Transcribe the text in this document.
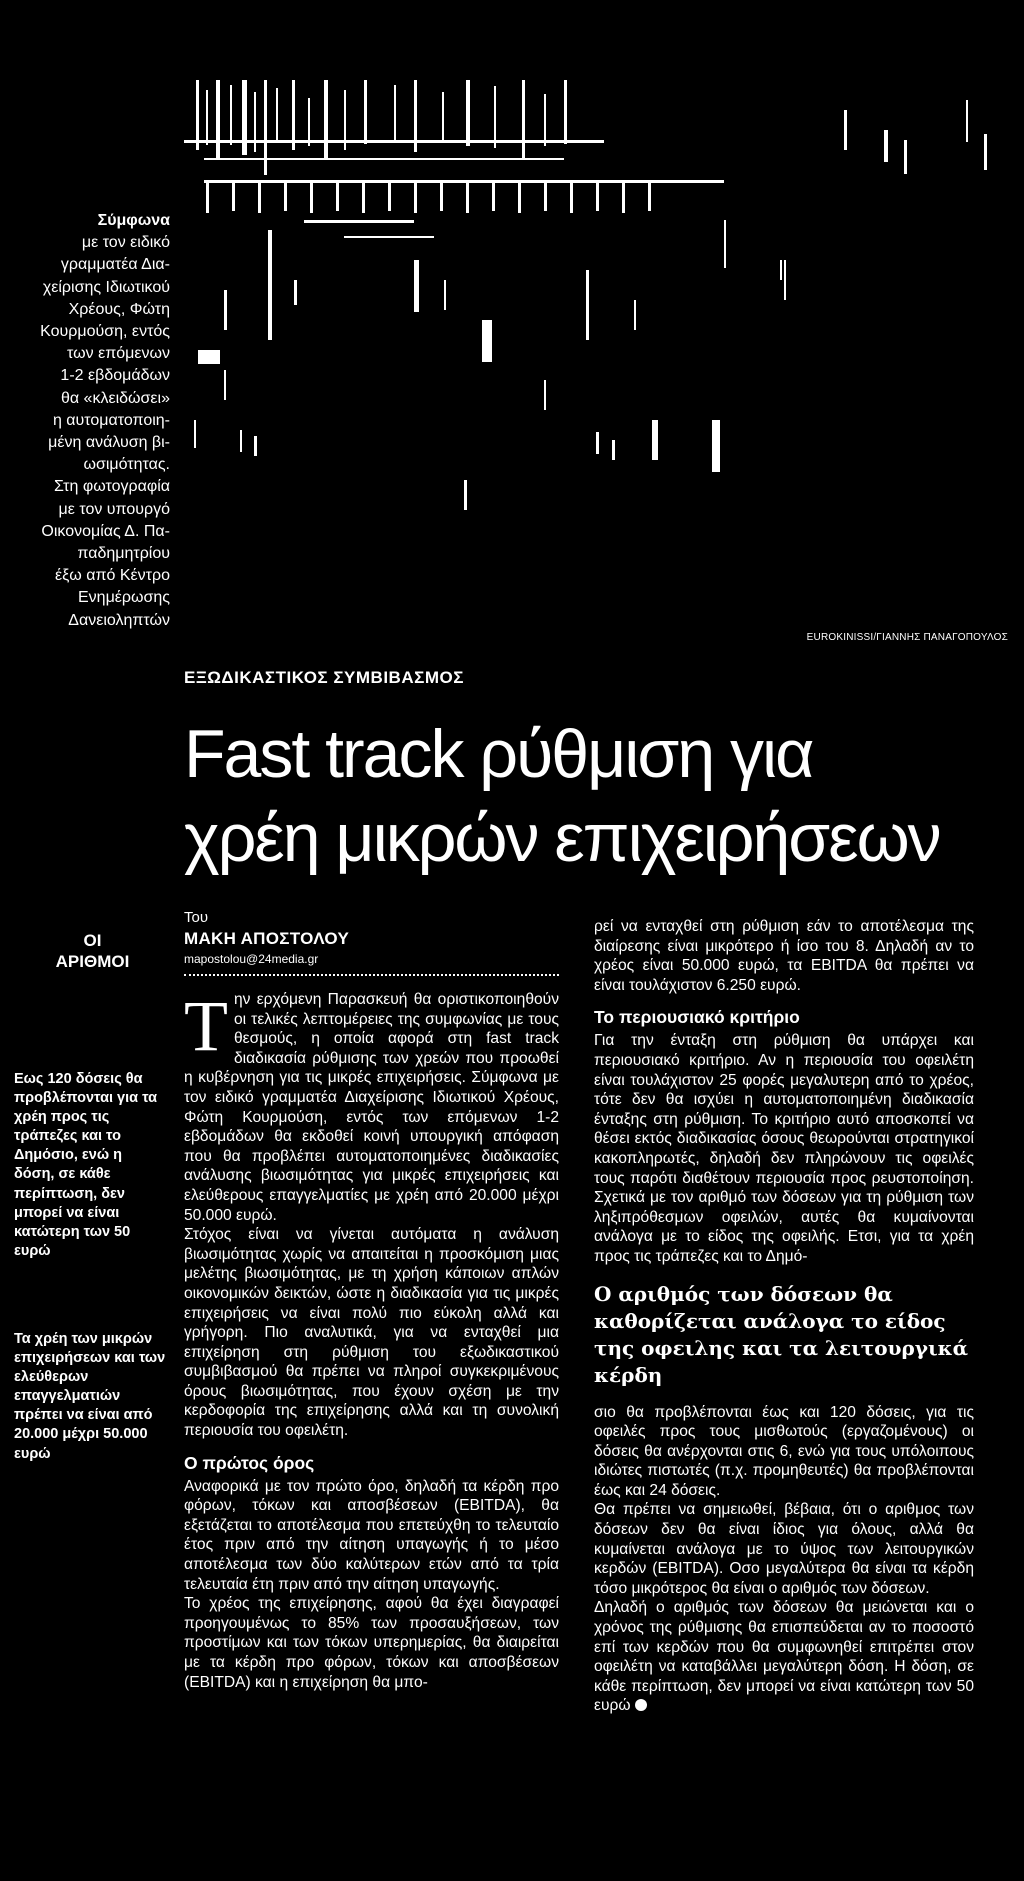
Σύμφωνα
με τον ειδικό
γραμματέα Δια-
χείρισης Ιδιωτικού
Χρέους, Φώτη
Κουρμούση, εντός
των επόμενων
1-2 εβδομάδων
θα «κλειδώσει»
η αυτοματοποιη-
μένη ανάλυση βι-
ωσιμότητας.
Στη φωτογραφία
με τον υπουργό
Οικονομίας Δ. Πα-
παδημητρίου
έξω από Κέντρο
Ενημέρωσης
Δανειοληπτών
EUROKINISSI/ΓΙΑΝΝΗΣ ΠΑΝΑΓΟΠΟΥΛΟΣ
ΕΞΩΔΙΚΑΣΤΙΚΟΣ ΣΥΜΒΙΒΑΣΜΟΣ
Fast track ρύθμιση για
χρέη μικρών επιχειρήσεων
ΟΙ
ΑΡΙΘΜΟΙ
Εως 120 δόσεις θα προβλέπονται για τα χρέη προς τις τράπεζες και το Δημόσιο, ενώ η δόση, σε κάθε περίπτωση, δεν μπορεί να είναι κατώτερη των 50 ευρώ
Τα χρέη των μικρών επιχειρήσεων και των ελεύθερων επαγγελματιών πρέπει να είναι από 20.000 μέχρι 50.000 ευρώ
Του
ΜΑΚΗ ΑΠΟΣΤΟΛΟΥ
mapostolou@24media.gr

Την ερχόμενη Παρασκευή θα οριστικοποιηθούν οι τελικές λεπτομέρειες της συμφωνίας με τους θεσμούς, η οποία αφορά στη fast track διαδικασία ρύθμισης των χρεών που προωθεί η κυβέρνηση για τις μικρές επιχειρήσεις. Σύμφωνα με τον ειδικό γραμματέα Διαχείρισης Ιδιωτικού Χρέους, Φώτη Κουρμούση, εντός των επόμενων 1-2 εβδομάδων θα εκδοθεί κοινή υπουργική απόφαση που θα προβλέπει αυτοματοποιημένες διαδικασίες ανάλυσης βιωσιμότητας για μικρές επιχειρήσεις και ελεύθερους επαγγελματίες με χρέη από 20.000 μέχρι 50.000 ευρώ.

Στόχος είναι να γίνεται αυτόματα η ανάλυση βιωσιμότητας χωρίς να απαιτείται η προσκόμιση μιας μελέτης βιωσιμότητας, με τη χρήση κάποιων απλών οικονομικών δεικτών, ώστε η διαδικασία για τις μικρές επιχειρήσεις να είναι πολύ πιο εύκολη αλλά και γρήγορη. Πιο αναλυτικά, για να ενταχθεί μια επιχείρηση στη ρύθμιση του εξωδικαστικού συμβιβασμού θα πρέπει να πληροί συγκεκριμένους όρους βιωσιμότητας, που έχουν σχέση με την κερδοφορία της επιχείρησης αλλά και τη συνολική περιουσία του οφειλέτη.

Ο πρώτος όρος

Αναφορικά με τον πρώτο όρο, δηλαδή τα κέρδη προ φόρων, τόκων και αποσβέσεων (EBITDA), θα εξετάζεται το αποτέλεσμα που επετεύχθη το τελευταίο έτος πριν από την αίτηση υπαγωγής ή το μέσο αποτέλεσμα των δύο καλύτερων ετών από τα τρία τελευταία έτη πριν από την αίτηση υπαγωγής.

Το χρέος της επιχείρησης, αφού θα έχει διαγραφεί προηγουμένως το 85% των προσαυξήσεων, των προστίμων και των τόκων υπερημερίας, θα διαιρείται με τα κέρδη προ φόρων, τόκων και αποσβέσεων (EBITDA) και η επιχείρηση θα μπο-

ρεί να ενταχθεί στη ρύθμιση εάν το αποτέλεσμα της διαίρεσης είναι μικρότερο ή ίσο του 8. Δηλαδή αν το χρέος είναι 50.000 ευρώ, τα EBITDA θα πρέπει να είναι τουλάχιστον 6.250 ευρώ.

Το περιουσιακό κριτήριο

Για την ένταξη στη ρύθμιση θα υπάρχει και περιουσιακό κριτήριο. Αν η περιουσία του οφειλέτη είναι τουλάχιστον 25 φορές μεγαλυτερη από το χρέος, τότε δεν θα ισχύει η αυτοματοποιημένη διαδικασία ένταξης στη ρύθμιση. Το κριτήριο αυτό αποσκοπεί να θέσει εκτός διαδικασίας όσους θεωρούνται στρατηγικοί κακοπληρωτές, δηλαδή δεν πληρώνουν τις οφειλές τους παρότι διαθέτουν περιουσία προς ρευστοποίηση. Σχετικά με τον αριθμό των δόσεων για τη ρύθμιση των ληξιπρόθεσμων οφειλών, αυτές θα κυμαίνονται ανάλογα με το είδος της οφειλής. Ετσι, για τα χρέη προς τις τράπεζες και το Δημό-

Ο αριθμός των δόσεων θα καθορίζεται ανάλογα το είδος της οφειλης και τα λειτουργικά κέρδη

σιο θα προβλέπονται έως και 120 δόσεις, για τις οφειλές προς τους μισθωτούς (εργαζομένους) οι δόσεις θα ανέρχονται στις 6, ενώ για τους υπόλοιπους ιδιώτες πιστωτές (π.χ. προμηθευτές) θα προβλέπονται έως και 24 δόσεις.

Θα πρέπει να σημειωθεί, βέβαια, ότι ο αριθμος των δόσεων δεν θα είναι ίδιος για όλους, αλλά θα κυμαίνεται ανάλογα με το ύψος των λειτουργικών κερδών (EBITDA). Οσο μεγαλύτερα θα είναι τα κέρδη τόσο μικρότερος θα είναι ο αριθμός των δόσεων.

Δηλαδή ο αριθμός των δόσεων θα μειώνεται και ο χρόνος της ρύθμισης θα επισπεύδεται αν το ποσοστό επί των κερδών που θα συμφωνηθεί επιτρέπει στον οφειλέτη να καταβάλλει μεγαλύτερη δόση. Η δόση, σε κάθε περίπτωση, δεν μπορεί να είναι κατώτερη των 50 ευρώ
